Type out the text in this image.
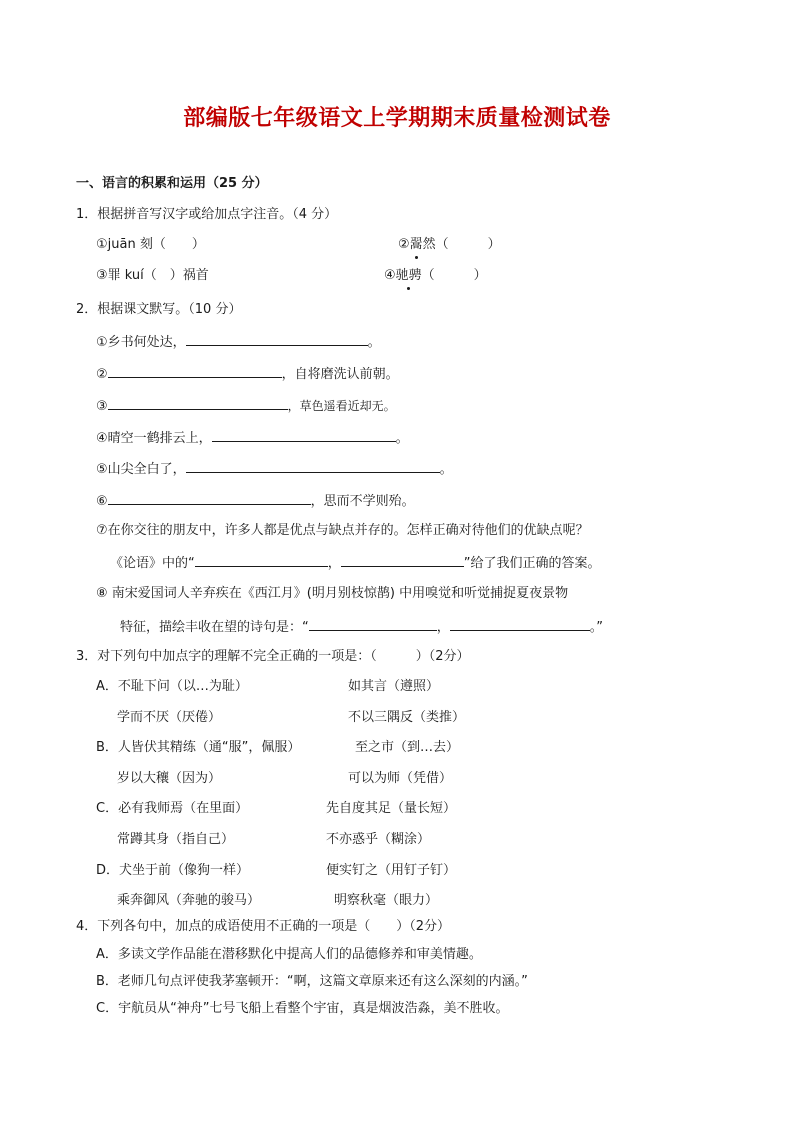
部编版七年级语文上学期期末质量检测试卷
一、语言的积累和运用（25 分）
1．根据拼音写汉字或给加点字注音。（4 分）
①juān 刻（　　）	②翯然（　　　）
③罪 kuí（　）祸首	④驰骋（　　　）
2．根据课文默写。（10 分）
①乡书何处达，	。
②	，自将磨洗认前朝。
③	，草色遥看近却无。
④晴空一鹤排云上，	。
⑤山尖全白了，	。
⑥	，思而不学则殆。
⑦在你交往的朋友中，许多人都是优点与缺点并存的。怎样正确对待他们的优缺点呢？
《论语》中的“	，	”给了我们正确的答案。
⑧ 南宋爱国词人辛弃疾在《西江月》(明月别枝惊鹊) 中用嗅觉和听觉捕捉夏夜景物
特征，描绘丰收在望的诗句是：“	，	。”
3．对下列句中加点字的理解不完全正确的一项是：（　　　）（2分）
A．不耻下问（以…为耻）	如其言（遵照）
学而不厌（厌倦）	不以三隅反（类推）
B．人皆伏其精练（通“服”，佩服）	至之市（到…去）
岁以大穰（因为）	可以为师（凭借）
C．必有我师焉（在里面）	先自度其足（量长短）
常蹲其身（指自己）	不亦惑乎（糊涂）
D．犬坐于前（像狗一样）	便实钉之（用钉子钉）
乘奔御风（奔驰的骏马）	明察秋毫（眼力）
4．下列各句中，加点的成语使用不正确的一项是（　　）（2分）
A．多读文学作品能在潜移默化中提高人们的品德修养和审美情趣。
B．老师几句点评使我茅塞顿开：“啊，这篇文章原来还有这么深刻的内涵。”
C．宇航员从“神舟”七号飞船上看整个宇宙，真是烟波浩淼，美不胜收。
